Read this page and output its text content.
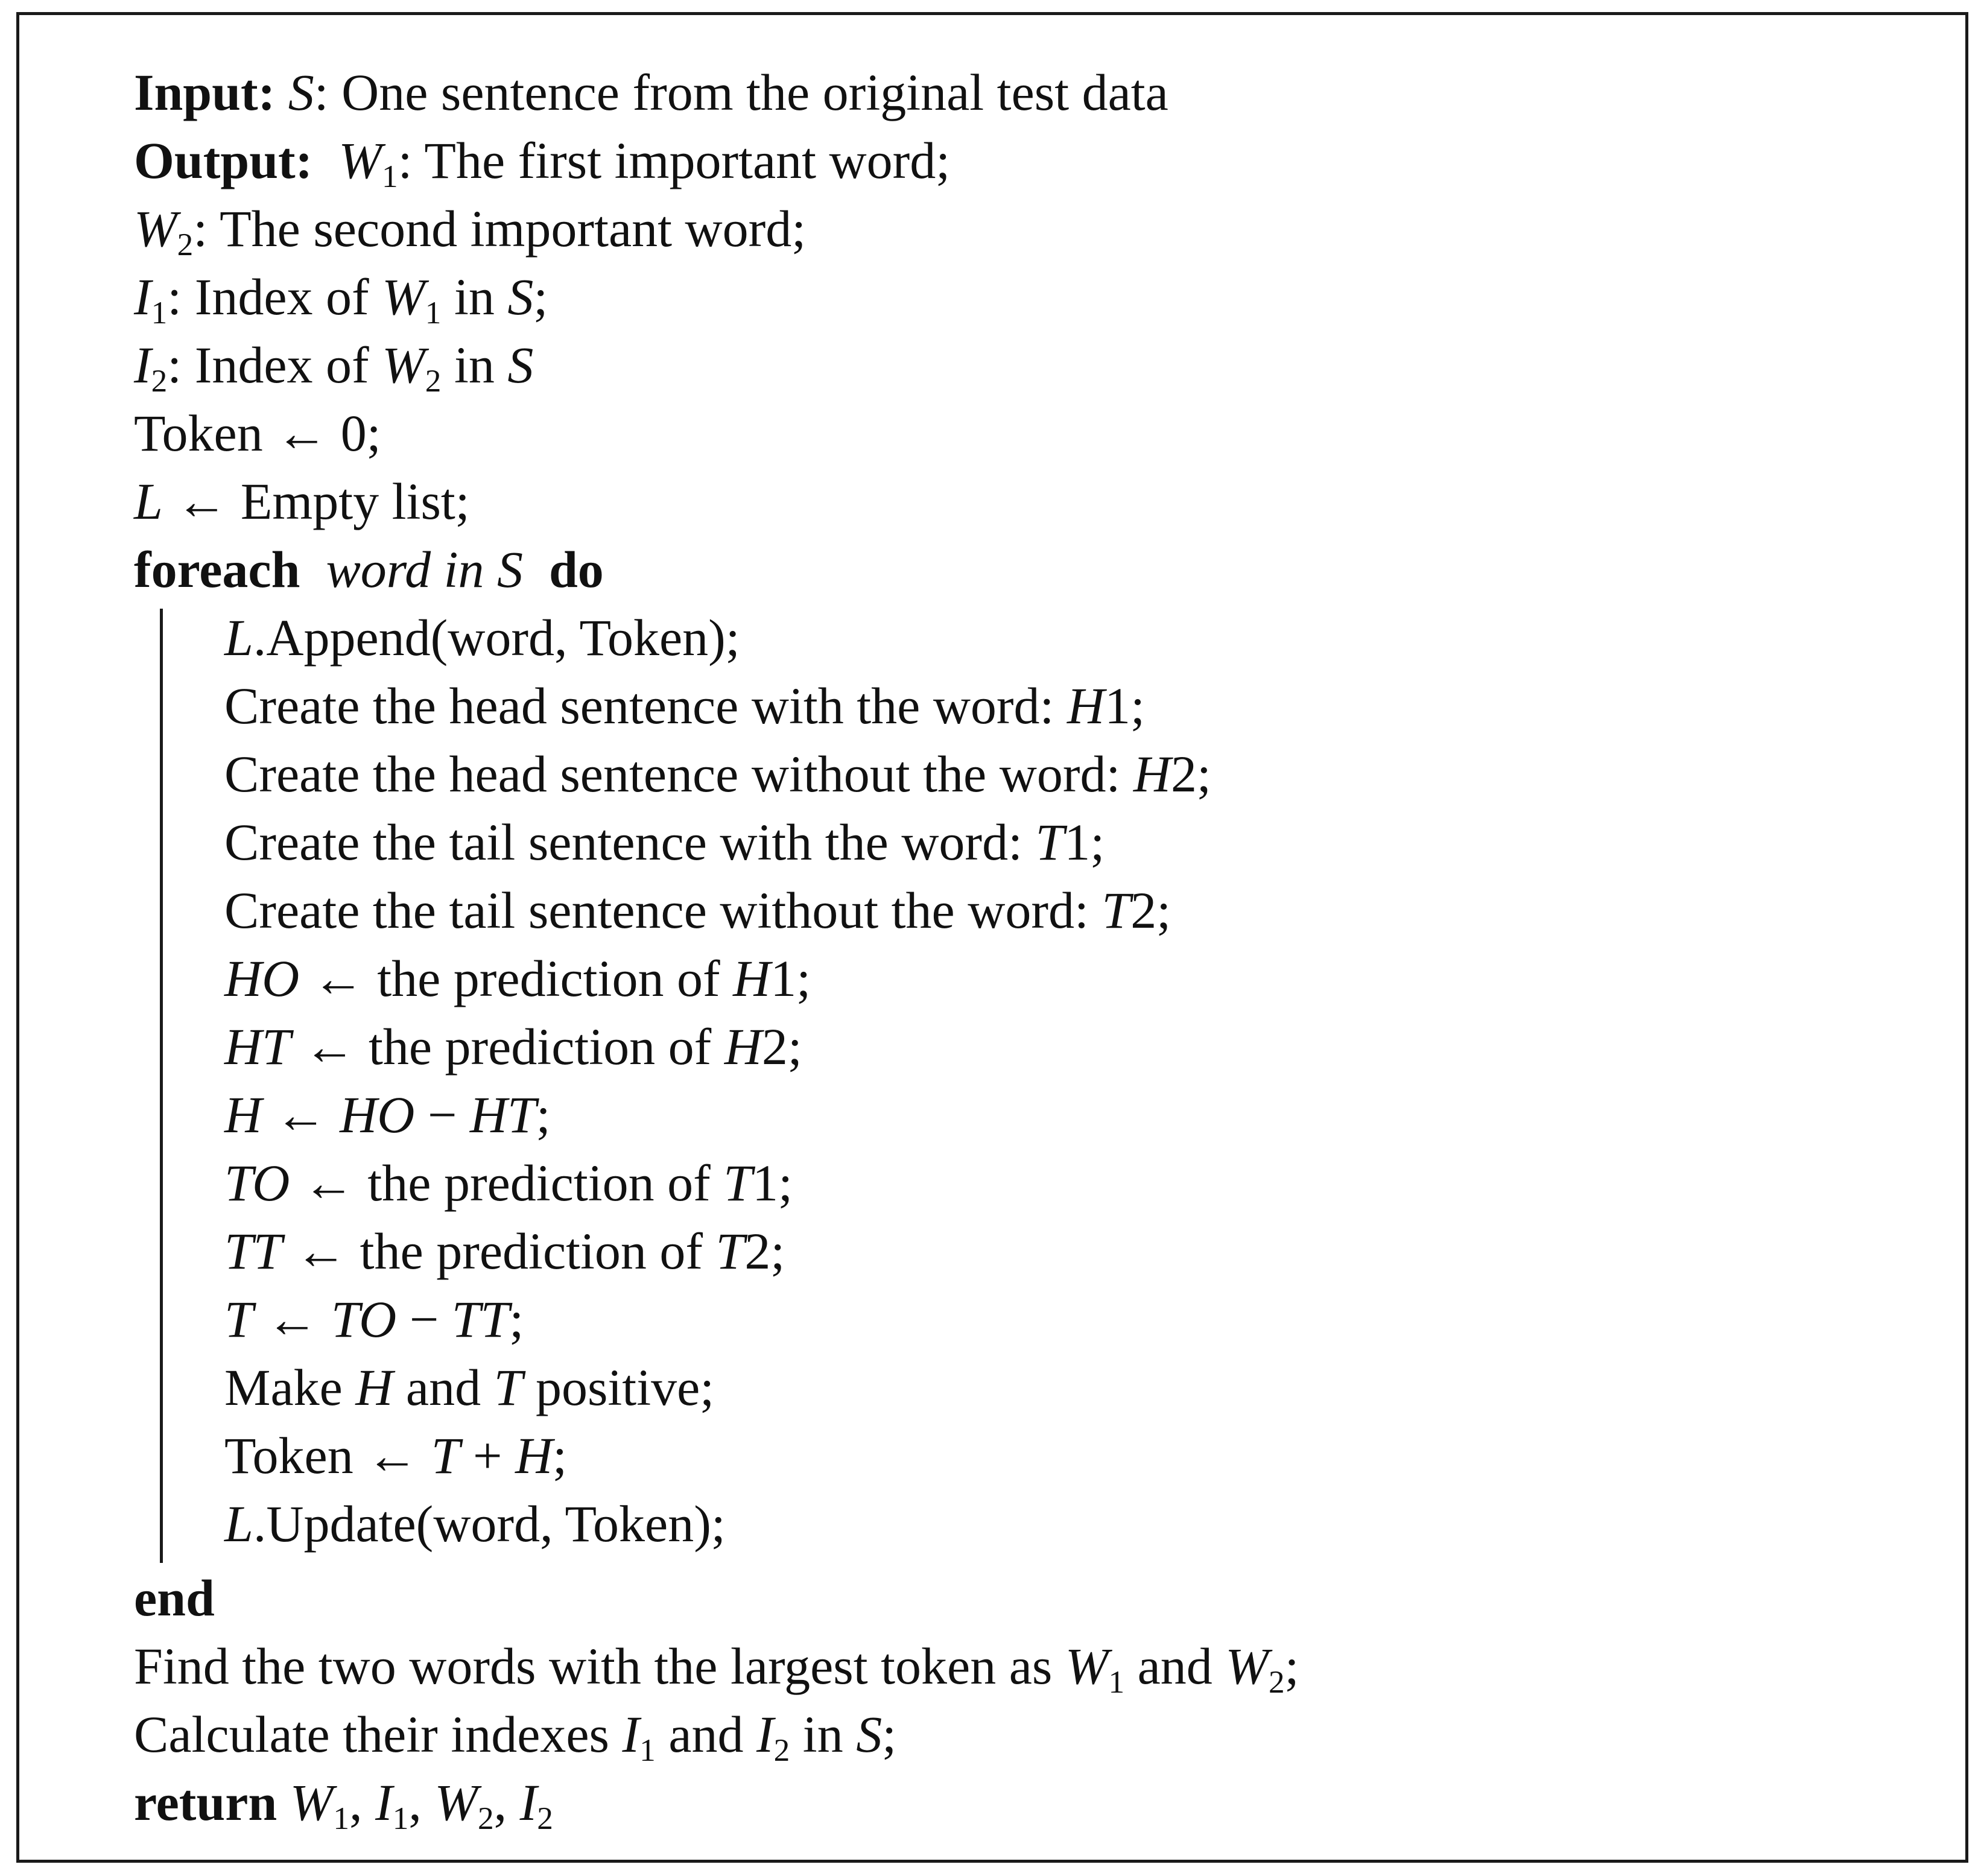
Input: S: One sentence from the original test data
Output: $W_1$: The first important word;
$W_2$: The second important word;
$I_1$: Index of $W_1$ in S;
$I_2$: Index of $W_2$ in S
Token ← 0;
L ← Empty list;
foreach word in S do
L.Append(word, Token);
Create the head sentence with the word: H1;
Create the head sentence without the word: H2;
Create the tail sentence with the word: T1;
Create the tail sentence without the word: T2;
HO ← the prediction of H1;
HT ← the prediction of H2;
H ← HO − HT;
TO ← the prediction of T1;
TT ← the prediction of T2;
T ← TO − TT;
Make H and T positive;
Token ← T + H;
L.Update(word, Token);
end
Find the two words with the largest token as $W_1$ and $W_2$;
Calculate their indexes $I_1$ and $I_2$ in S;
return $W_1$, $I_1$, $W_2$, $I_2$
